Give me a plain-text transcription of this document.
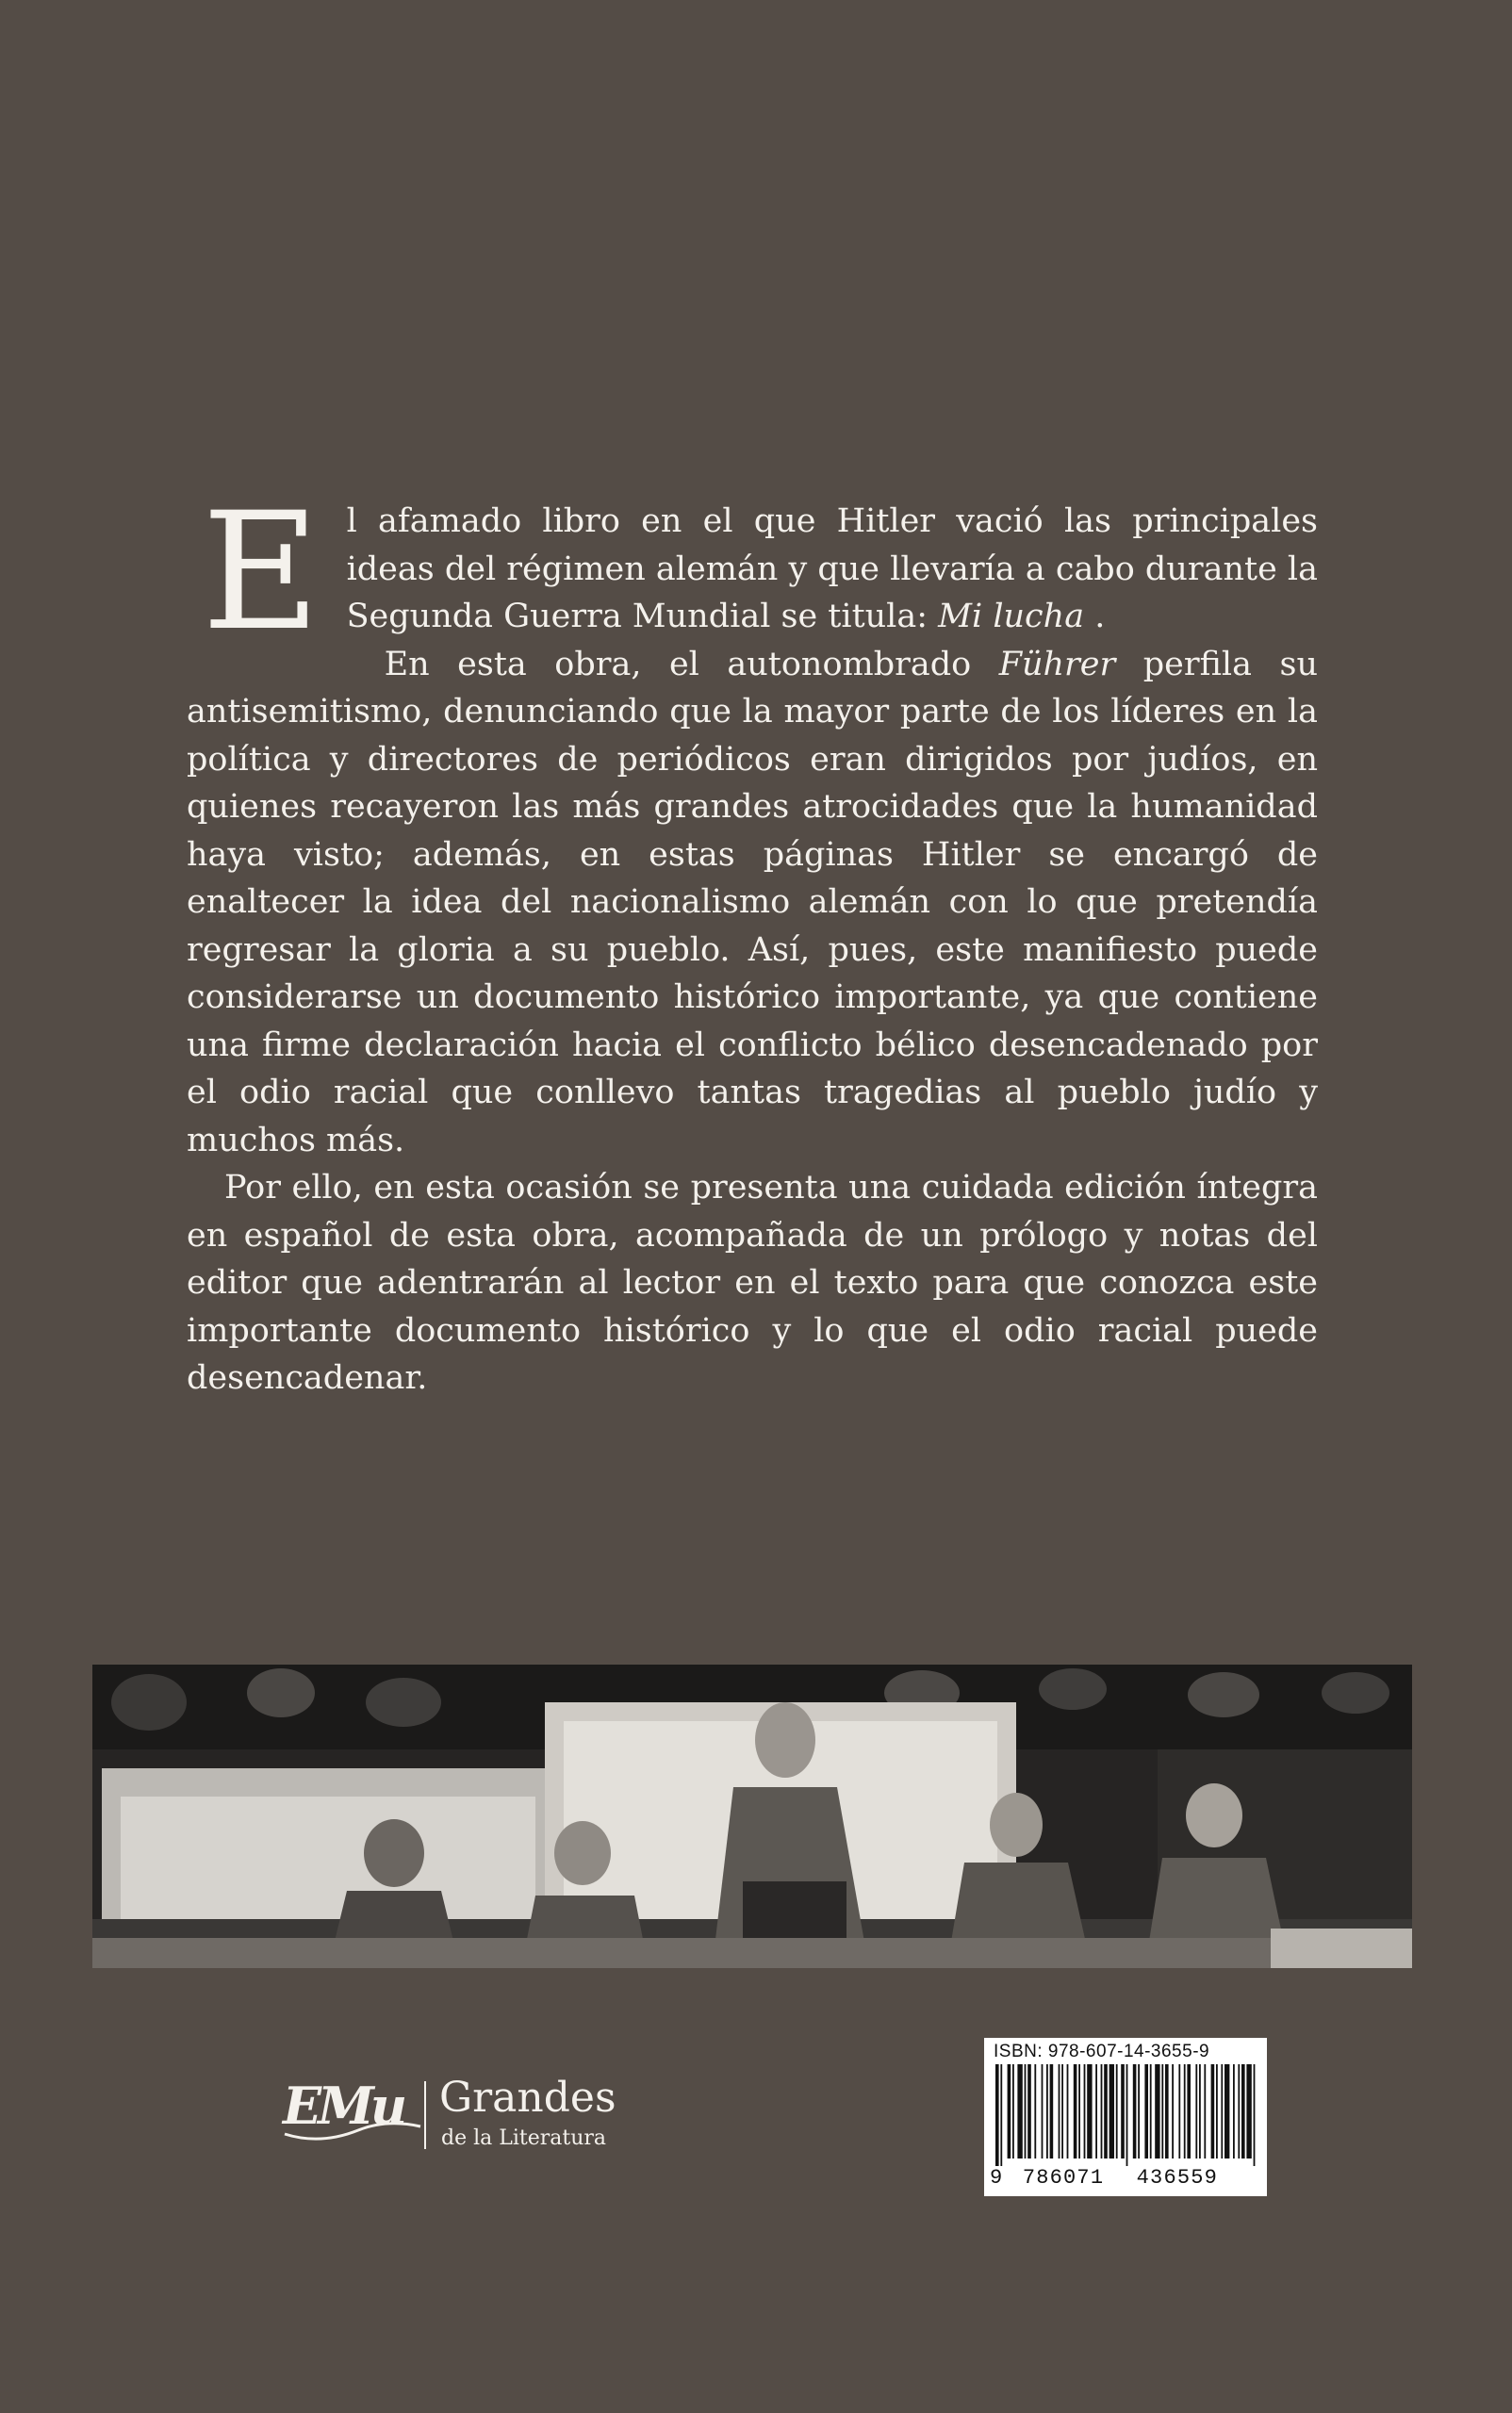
El afamado libro en el que Hitler vació las principales ideas del régimen alemán y que llevaría a cabo durante la Segunda Guerra Mundial se titula: Mi lucha .

En esta obra, el autonombrado Führer perfila su antisemitismo, denunciando que la mayor parte de los líderes en la política y directores de periódicos eran dirigidos por judíos, en quienes recayeron las más grandes atrocidades que la humanidad haya visto; además, en estas páginas Hitler se encargó de enaltecer la idea del nacionalismo alemán con lo que pretendía regresar la gloria a su pueblo. Así, pues, este manifiesto puede considerarse un documento histórico importante, ya que contiene una firme declaración hacia el conflicto bélico desencadenado por el odio racial que conllevo tantas tragedias al pueblo judío y muchos más.

Por ello, en esta ocasión se presenta una cuidada edición íntegra en español de esta obra, acompañada de un prólogo y notas del editor que adentrarán al lector en el texto para que conozca este importante documento histórico y lo que el odio racial puede desencadenar.

EMu Grandes
de la Literatura
ISBN: 978-607-14-3655-9
9 786071 436559
